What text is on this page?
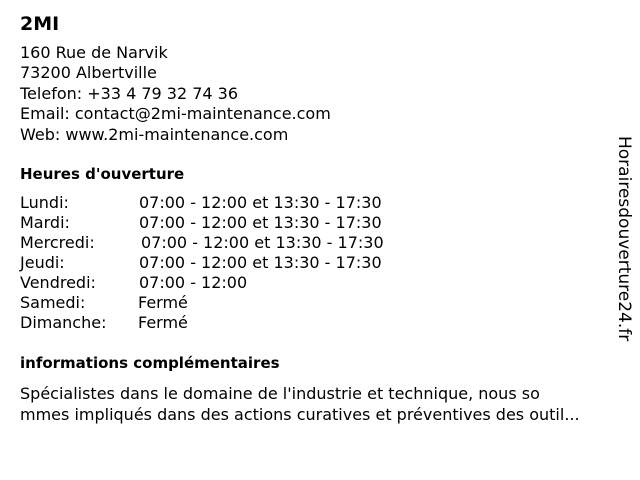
2MI
160 Rue de Narvik
73200 Albertville
Telefon: +33 4 79 32 74 36
Email: contact@2mi-maintenance.com
Web: www.2mi-maintenance.com
Heures d'ouverture
Lundi:	07:00 - 12:00 et 13:30 - 17:30
Mardi:	07:00 - 12:00 et 13:30 - 17:30
Mercredi:	07:00 - 12:00 et 13:30 - 17:30
Jeudi:	07:00 - 12:00 et 13:30 - 17:30
Vendredi:	07:00 - 12:00
Samedi:	Fermé
Dimanche: Fermé
informations complémentaires
Spécialistes dans le domaine de l'industrie et technique, nous so
mmes impliqués dans des actions curatives et préventives des outil...
Horairesdouverture24.fr
